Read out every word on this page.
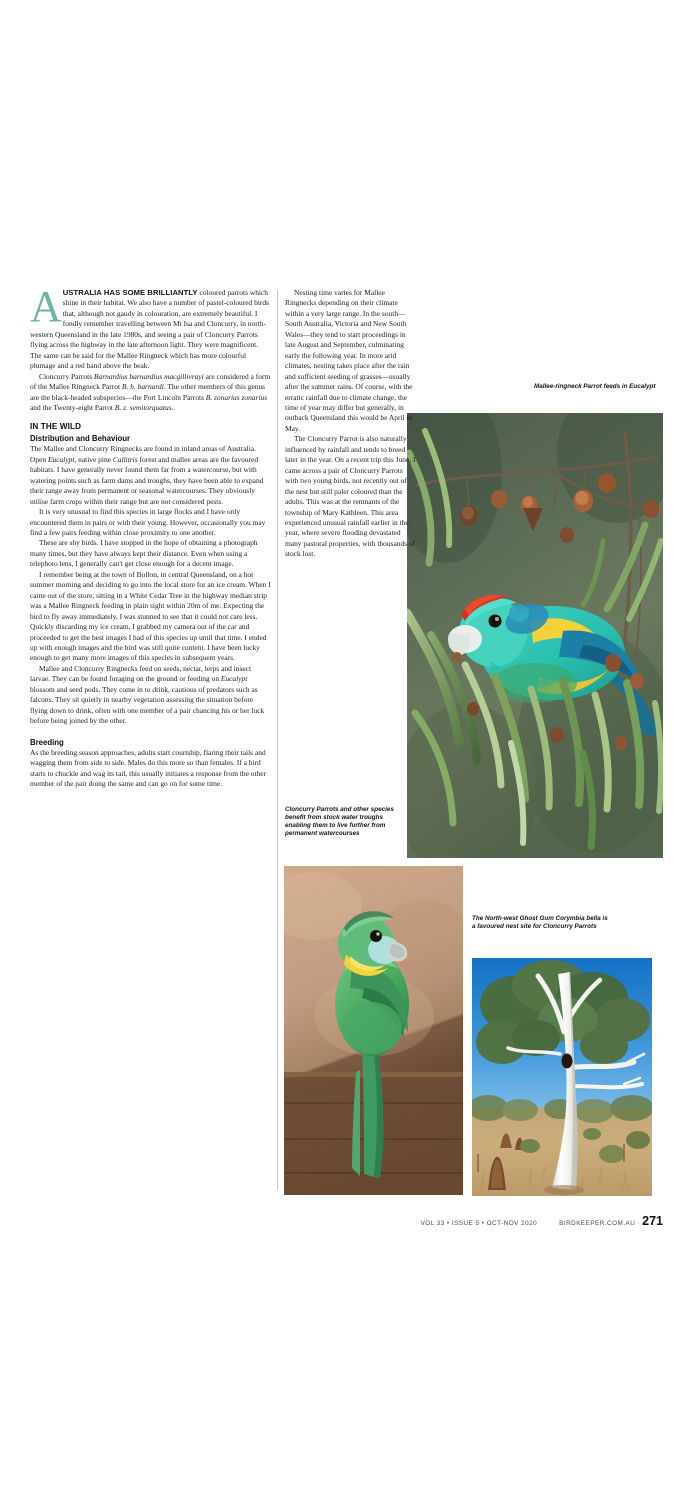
Mallee-ringneck Parrot feeds in Eucalypt
Cloncurry Parrots and other species benefit from stock water troughs enabling them to live further from permanent watercourses
The North-west Ghost Gum Corymbia bella is a favoured nest site for Cloncurry Parrots

AUSTRALIA HAS SOME BRILLIANTLY coloured parrots which shine in their habitat. We also have a number of pastel-coloured birds that, although not gaudy in colouration, are extremely beautiful. I fondly remember travelling between Mt Isa and Cloncurry, in north-western Queensland in the late 1980s, and seeing a pair of Cloncurry Parrots flying across the highway in the late afternoon light. They were magnificent. The same can be said for the Mallee Ringneck which has more colourful plumage and a red band above the beak.

Cloncurry Parrots Barnardius barnardius macgillivrayi are considered a form of the Mallee Ringneck Parrot B. b. barnardi. The other members of this genus are the black-headed subspecies—the Port Lincoln Parrots B. zonarius zonarius and the Twenty-eight Parrot B. z. semitorquatus.

IN THE WILD
Distribution and Behaviour

The Mallee and Cloncurry Ringnecks are found in inland areas of Australia. Open Eucalypt, native pine Callitris forest and mallee areas are the favoured habitats. I have generally never found them far from a watercourse, but with watering points such as farm dams and troughs, they have been able to expand their range away from permanent or seasonal watercourses. They obviously utilise farm crops within their range but are not considered pests.

It is very unusual to find this species in large flocks and I have only encountered them in pairs or with their young. However, occasionally you may find a few pairs feeding within close proximity to one another.

These are shy birds. I have stopped in the hope of obtaining a photograph many times, but they have always kept their distance. Even when using a telephoto lens, I generally can't get close enough for a decent image.

I remember being at the town of Bollon, in central Queensland, on a hot summer morning and deciding to go into the local store for an ice cream. When I came out of the store, sitting in a White Cedar Tree in the highway median strip was a Mallee Ringneck feeding in plain sight within 20m of me. Expecting the bird to fly away immediately, I was stunned to see that it could not care less. Quickly discarding my ice cream, I grabbed my camera out of the car and proceeded to get the best images I had of this species up until that time. I ended up with enough images and the bird was still quite content. I have been lucky enough to get many more images of this species in subsequent years.

Mallee and Cloncurry Ringnecks feed on seeds, nectar, lerps and insect larvae. They can be found foraging on the ground or feeding on Eucalypt blossom and seed pods. They come in to drink, cautious of predators such as falcons. They sit quietly in nearby vegetation assessing the situation before flying down to drink, often with one member of a pair chancing his or her luck before being joined by the other.

Breeding

As the breeding season approaches, adults start courtship, flaring their tails and wagging them from side to side. Males do this more so than females. If a bird starts to chuckle and wag its tail, this usually initiates a response from the other member of the pair doing the same and can go on for some time.

Nesting time varies for Mallee Ringnecks depending on their climate within a very large range. In the south—South Australia, Victoria and New South Wales—they tend to start proceedings in late August and September, culminating early the following year. In more arid climates, nesting takes place after the rain and sufficient seeding of grasses—usually after the summer rains. Of course, with the erratic rainfall due to climate change, the time of year may differ but generally, in outback Queensland this would be April or May.

The Cloncurry Parrot is also naturally influenced by rainfall and tends to breed later in the year. On a recent trip this June, I came across a pair of Cloncurry Parrots with two young birds, not recently out of the nest but still paler coloured than the adults. This was at the remnants of the township of Mary Kathleen. This area experienced unusual rainfall earlier in the year, where severe flooding devastated many pastoral properties, with thousands of stock lost.

VOL 33 • ISSUE 5 • OCT-NOV 2020	BIRDKEEPER.COM.AU · 271
